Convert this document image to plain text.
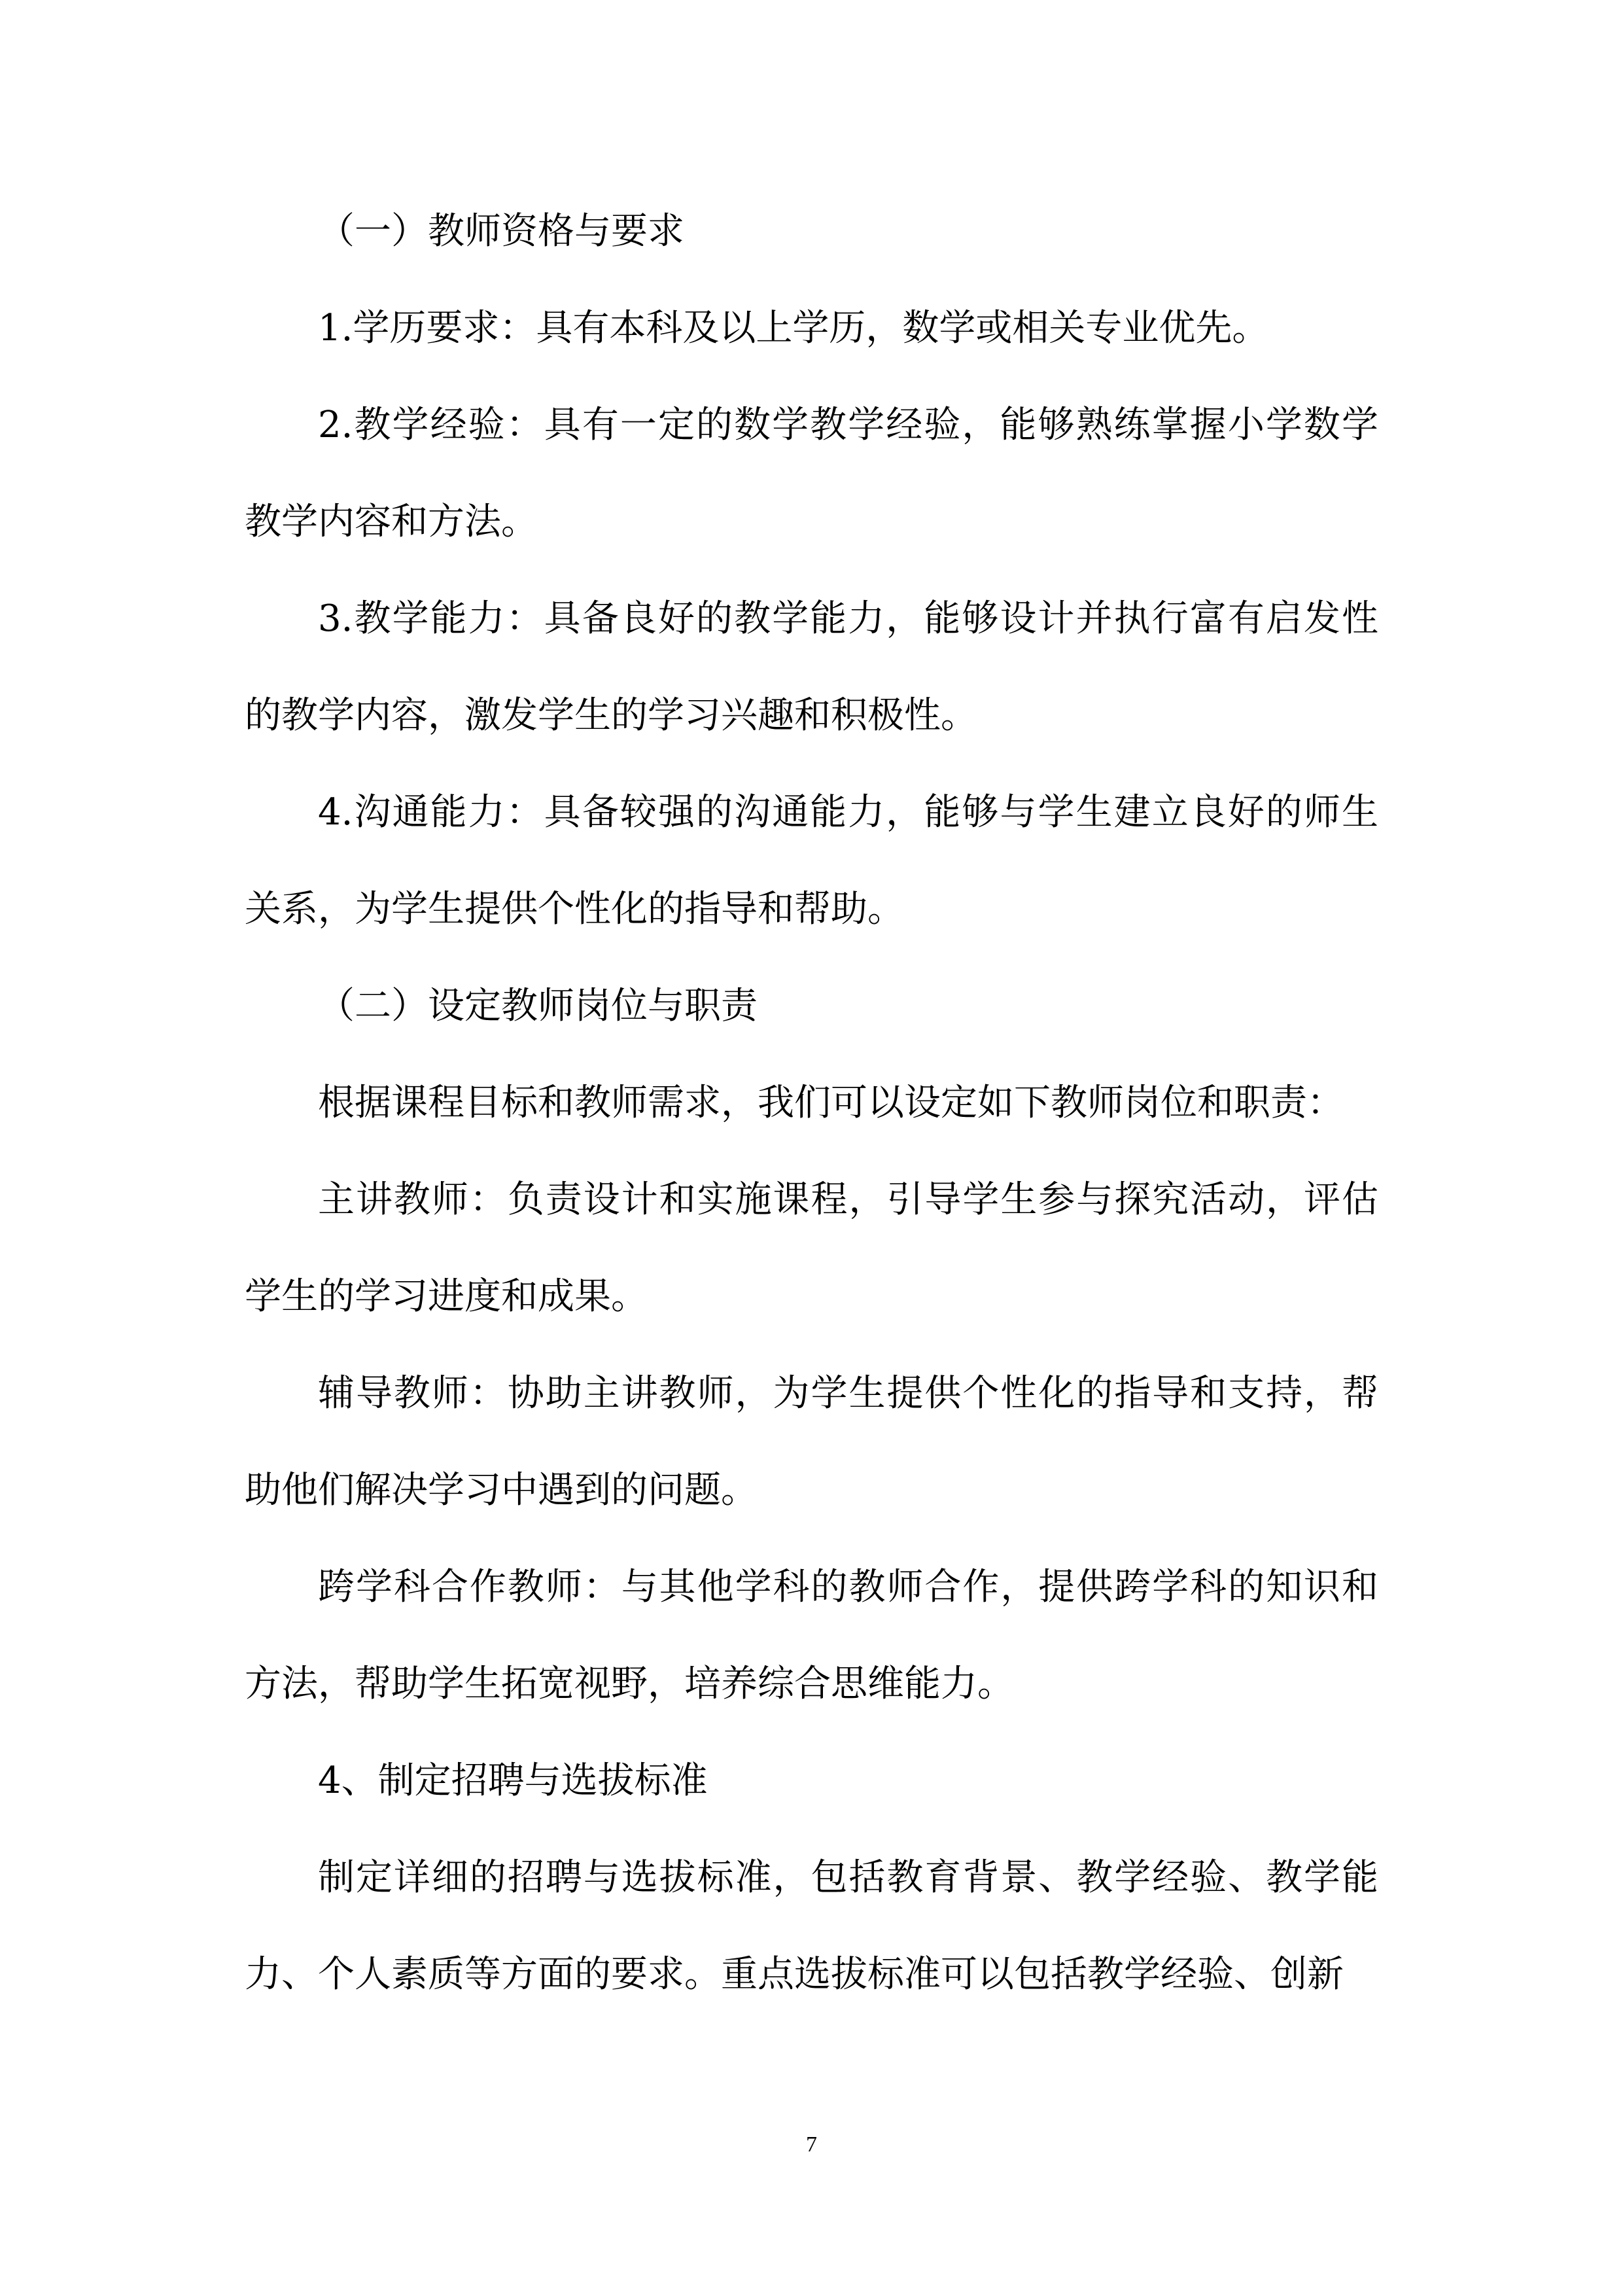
（一）教师资格与要求

1.学历要求：具有本科及以上学历，数学或相关专业优先。

2.教学经验：具有一定的数学教学经验，能够熟练掌握小学数学教学内容和方法。

3.教学能力：具备良好的教学能力，能够设计并执行富有启发性的教学内容，激发学生的学习兴趣和积极性。

4.沟通能力：具备较强的沟通能力，能够与学生建立良好的师生关系，为学生提供个性化的指导和帮助。

（二）设定教师岗位与职责

根据课程目标和教师需求，我们可以设定如下教师岗位和职责：

主讲教师：负责设计和实施课程，引导学生参与探究活动，评估学生的学习进度和成果。

辅导教师：协助主讲教师，为学生提供个性化的指导和支持，帮助他们解决学习中遇到的问题。

跨学科合作教师：与其他学科的教师合作，提供跨学科的知识和方法，帮助学生拓宽视野，培养综合思维能力。

4、制定招聘与选拔标准

制定详细的招聘与选拔标准，包括教育背景、教学经验、教学能力、个人素质等方面的要求。重点选拔标准可以包括教学经验、创新

7
